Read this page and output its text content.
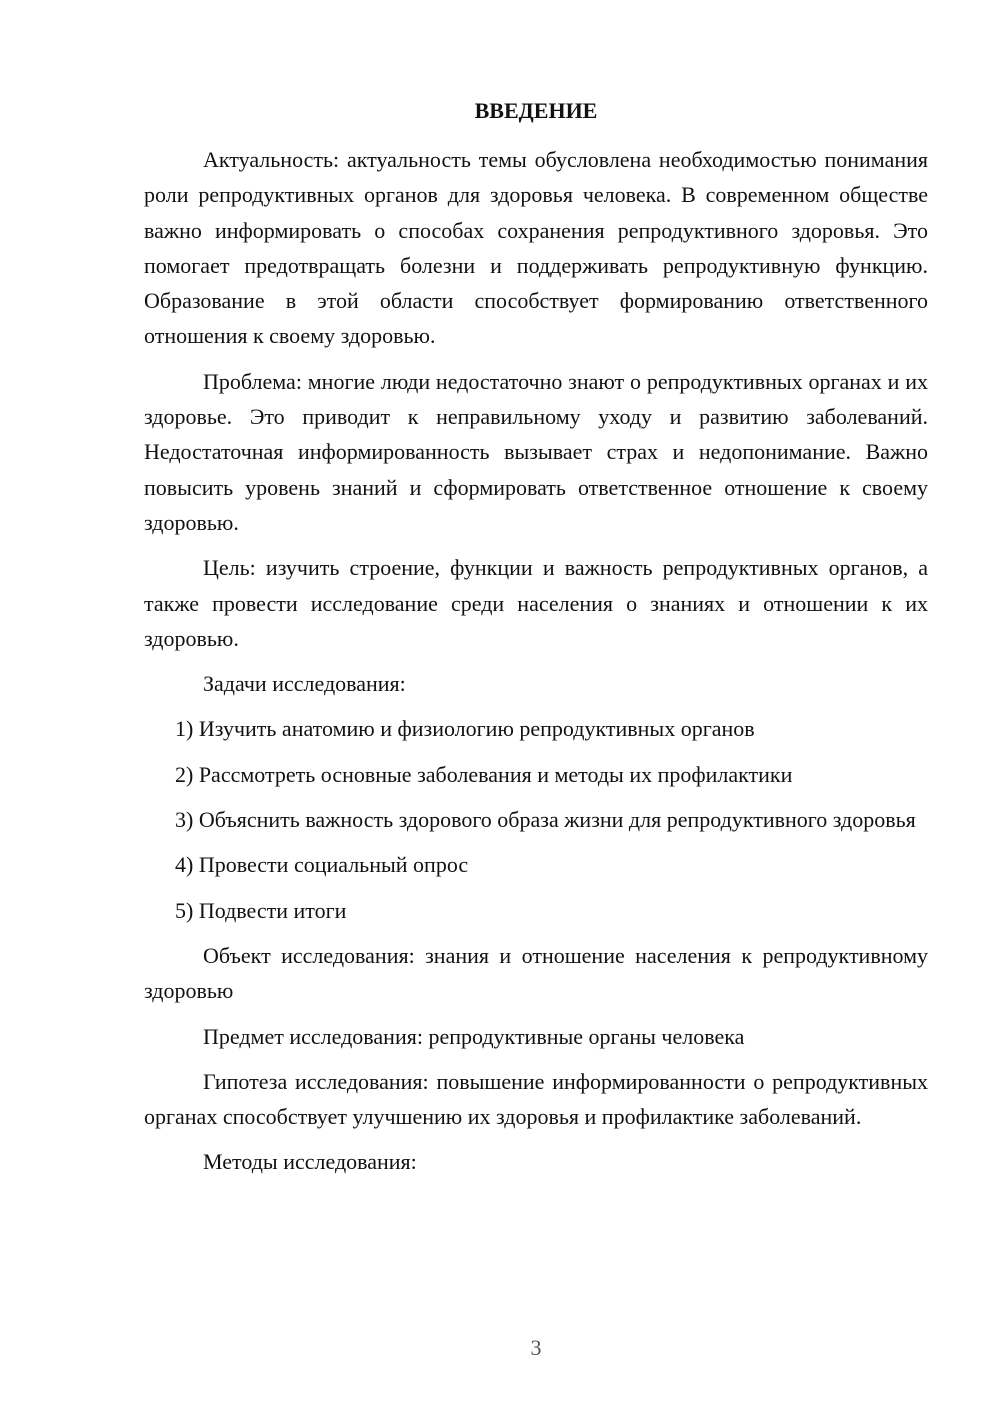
ВВЕДЕНИЕ

Актуальность: актуальность темы обусловлена необходимостью понимания роли репродуктивных органов для здоровья человека. В современном обществе важно информировать о способах сохранения репродуктивного здоровья. Это помогает предотвращать болезни и поддерживать репродуктивную функцию. Образование в этой области способствует формированию ответственного отношения к своему здоровью.

Проблема: многие люди недостаточно знают о репродуктивных органах и их здоровье. Это приводит к неправильному уходу и развитию заболеваний. Недостаточная информированность вызывает страх и недопонимание. Важно повысить уровень знаний и сформировать ответственное отношение к своему здоровью.

Цель: изучить строение, функции и важность репродуктивных органов, а также провести исследование среди населения о знаниях и отношении к их здоровью.

Задачи исследования:

1) Изучить анатомию и физиологию репродуктивных органов

2) Рассмотреть основные заболевания и методы их профилактики

3) Объяснить важность здорового образа жизни для репродуктивного здоровья

4) Провести социальный опрос

5) Подвести итоги

Объект исследования: знания и отношение населения к репродуктивному здоровью

Предмет исследования: репродуктивные органы человека

Гипотеза исследования: повышение информированности о репродуктивных органах способствует улучшению их здоровья и профилактике заболеваний.

Методы исследования:

3
